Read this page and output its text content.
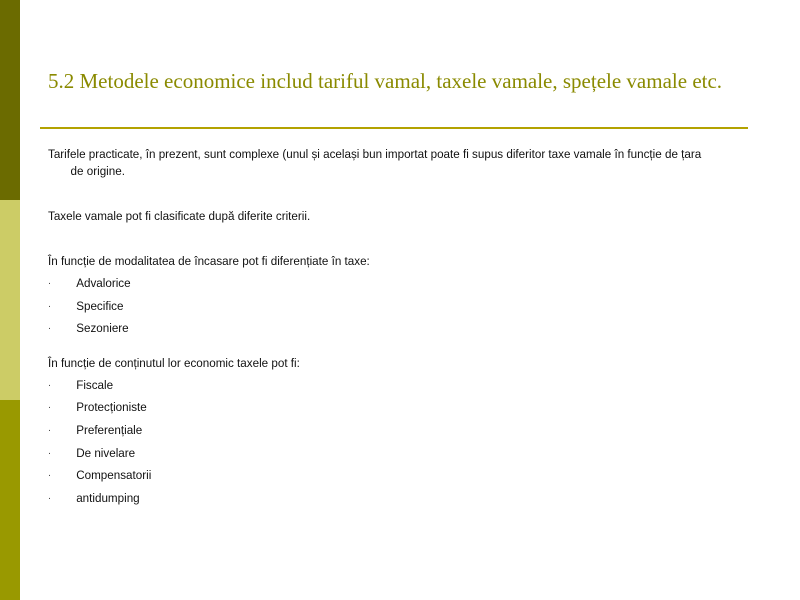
5.2 Metodele economice includ tariful vamal, taxele vamale, spețele vamale etc.

Tarifele practicate, în prezent, sunt complexe (unul și același bun importat poate fi supus diferitor taxe vamale în funcție de țara de origine.

Taxele vamale pot fi clasificate după diferite criterii.

În funcție de modalitatea de încasare pot fi diferențiate în taxe:

· Advalorice
· Specifice
· Sezoniere

În funcție de conținutul lor economic taxele pot fi:

· Fiscale
· Protecționiste
· Preferențiale
· De nivelare
· Compensatorii
· antidumping
